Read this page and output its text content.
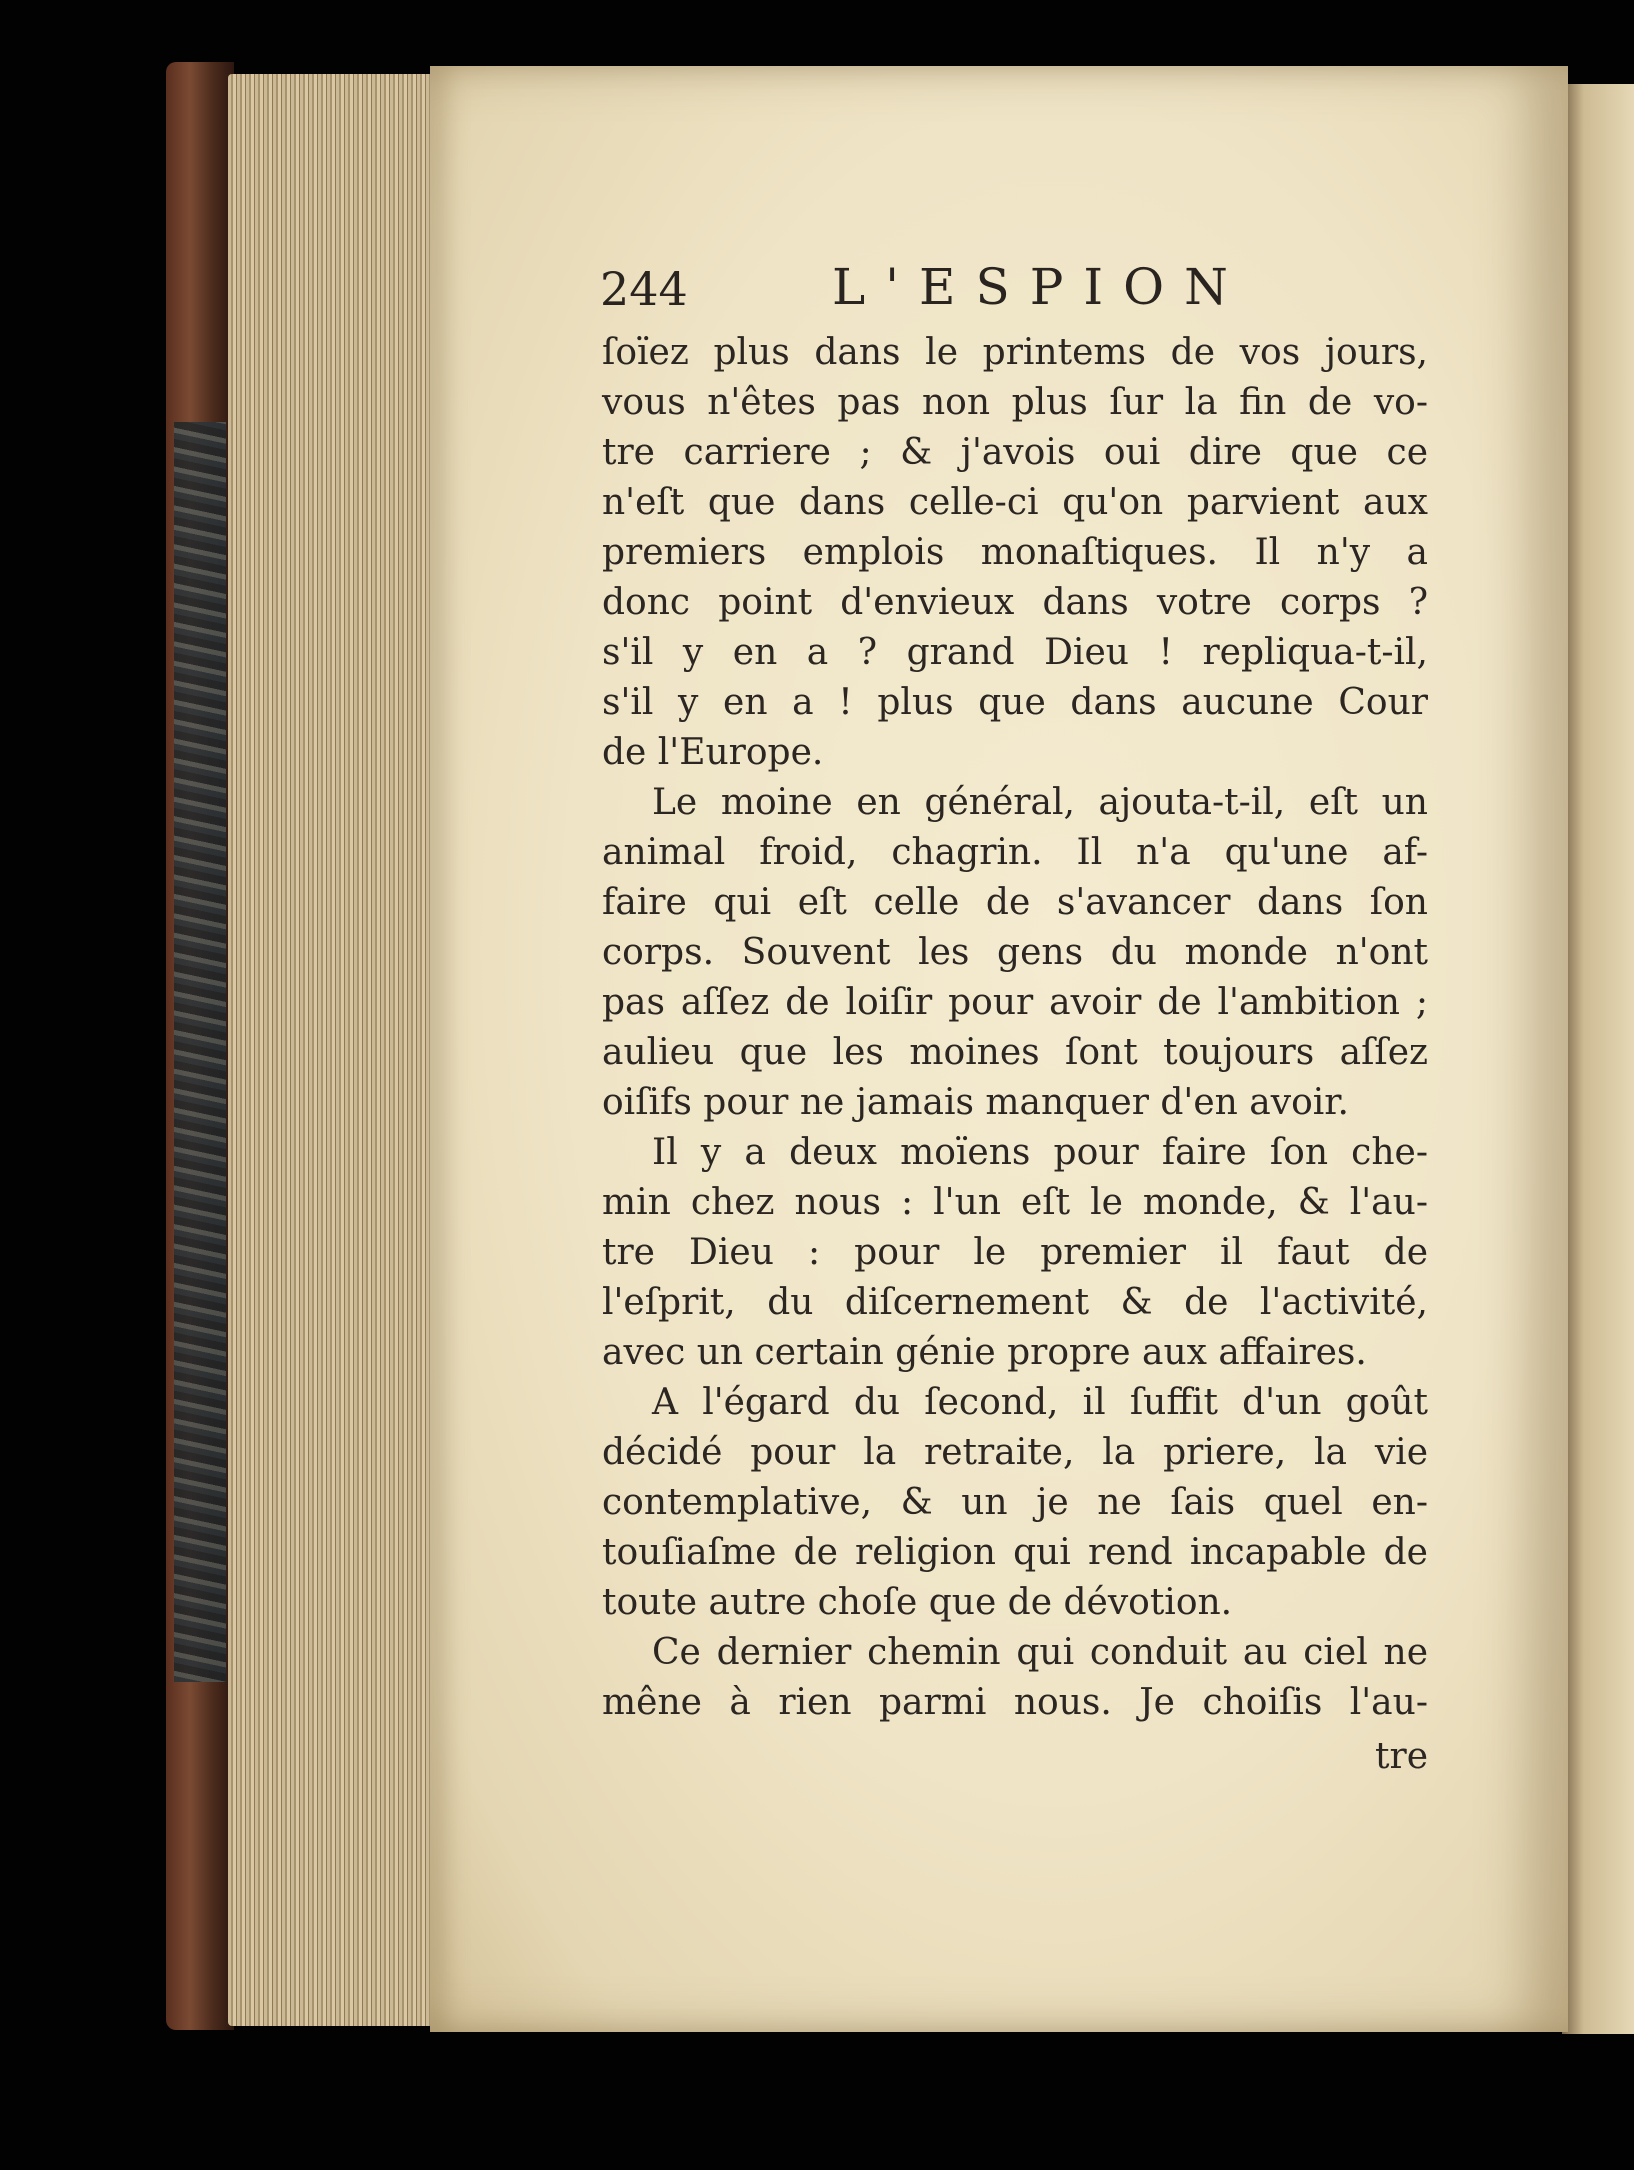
244	L'ESPION
ſoïez plus dans le printems de vos jours,
vous n'êtes pas non plus ſur la fin de vo-
tre carriere ; & j'avois oui dire que ce
n'eſt que dans celle-ci qu'on parvient aux
premiers emplois monaſtiques. Il n'y a
donc point d'envieux dans votre corps ?
s'il y en a ? grand Dieu ! repliqua-t-il,
s'il y en a ! plus que dans aucune Cour
de l'Europe.
Le moine en général, ajouta-t-il, eſt un
animal froid, chagrin. Il n'a qu'une af-
faire qui eſt celle de s'avancer dans ſon
corps. Souvent les gens du monde n'ont
pas aſſez de loiſir pour avoir de l'ambition ;
aulieu que les moines ſont toujours aſſez
oiſifs pour ne jamais manquer d'en avoir.
Il y a deux moïens pour faire ſon che-
min chez nous : l'un eſt le monde, & l'au-
tre Dieu : pour le premier il faut de
l'eſprit, du diſcernement & de l'activité,
avec un certain génie propre aux affaires.
A l'égard du ſecond, il ſuffit d'un goût
décidé pour la retraite, la priere, la vie
contemplative, & un je ne ſais quel en-
touſiaſme de religion qui rend incapable de
toute autre choſe que de dévotion.
Ce dernier chemin qui conduit au ciel ne
mêne à rien parmi nous. Je choiſis l'au-
tre
